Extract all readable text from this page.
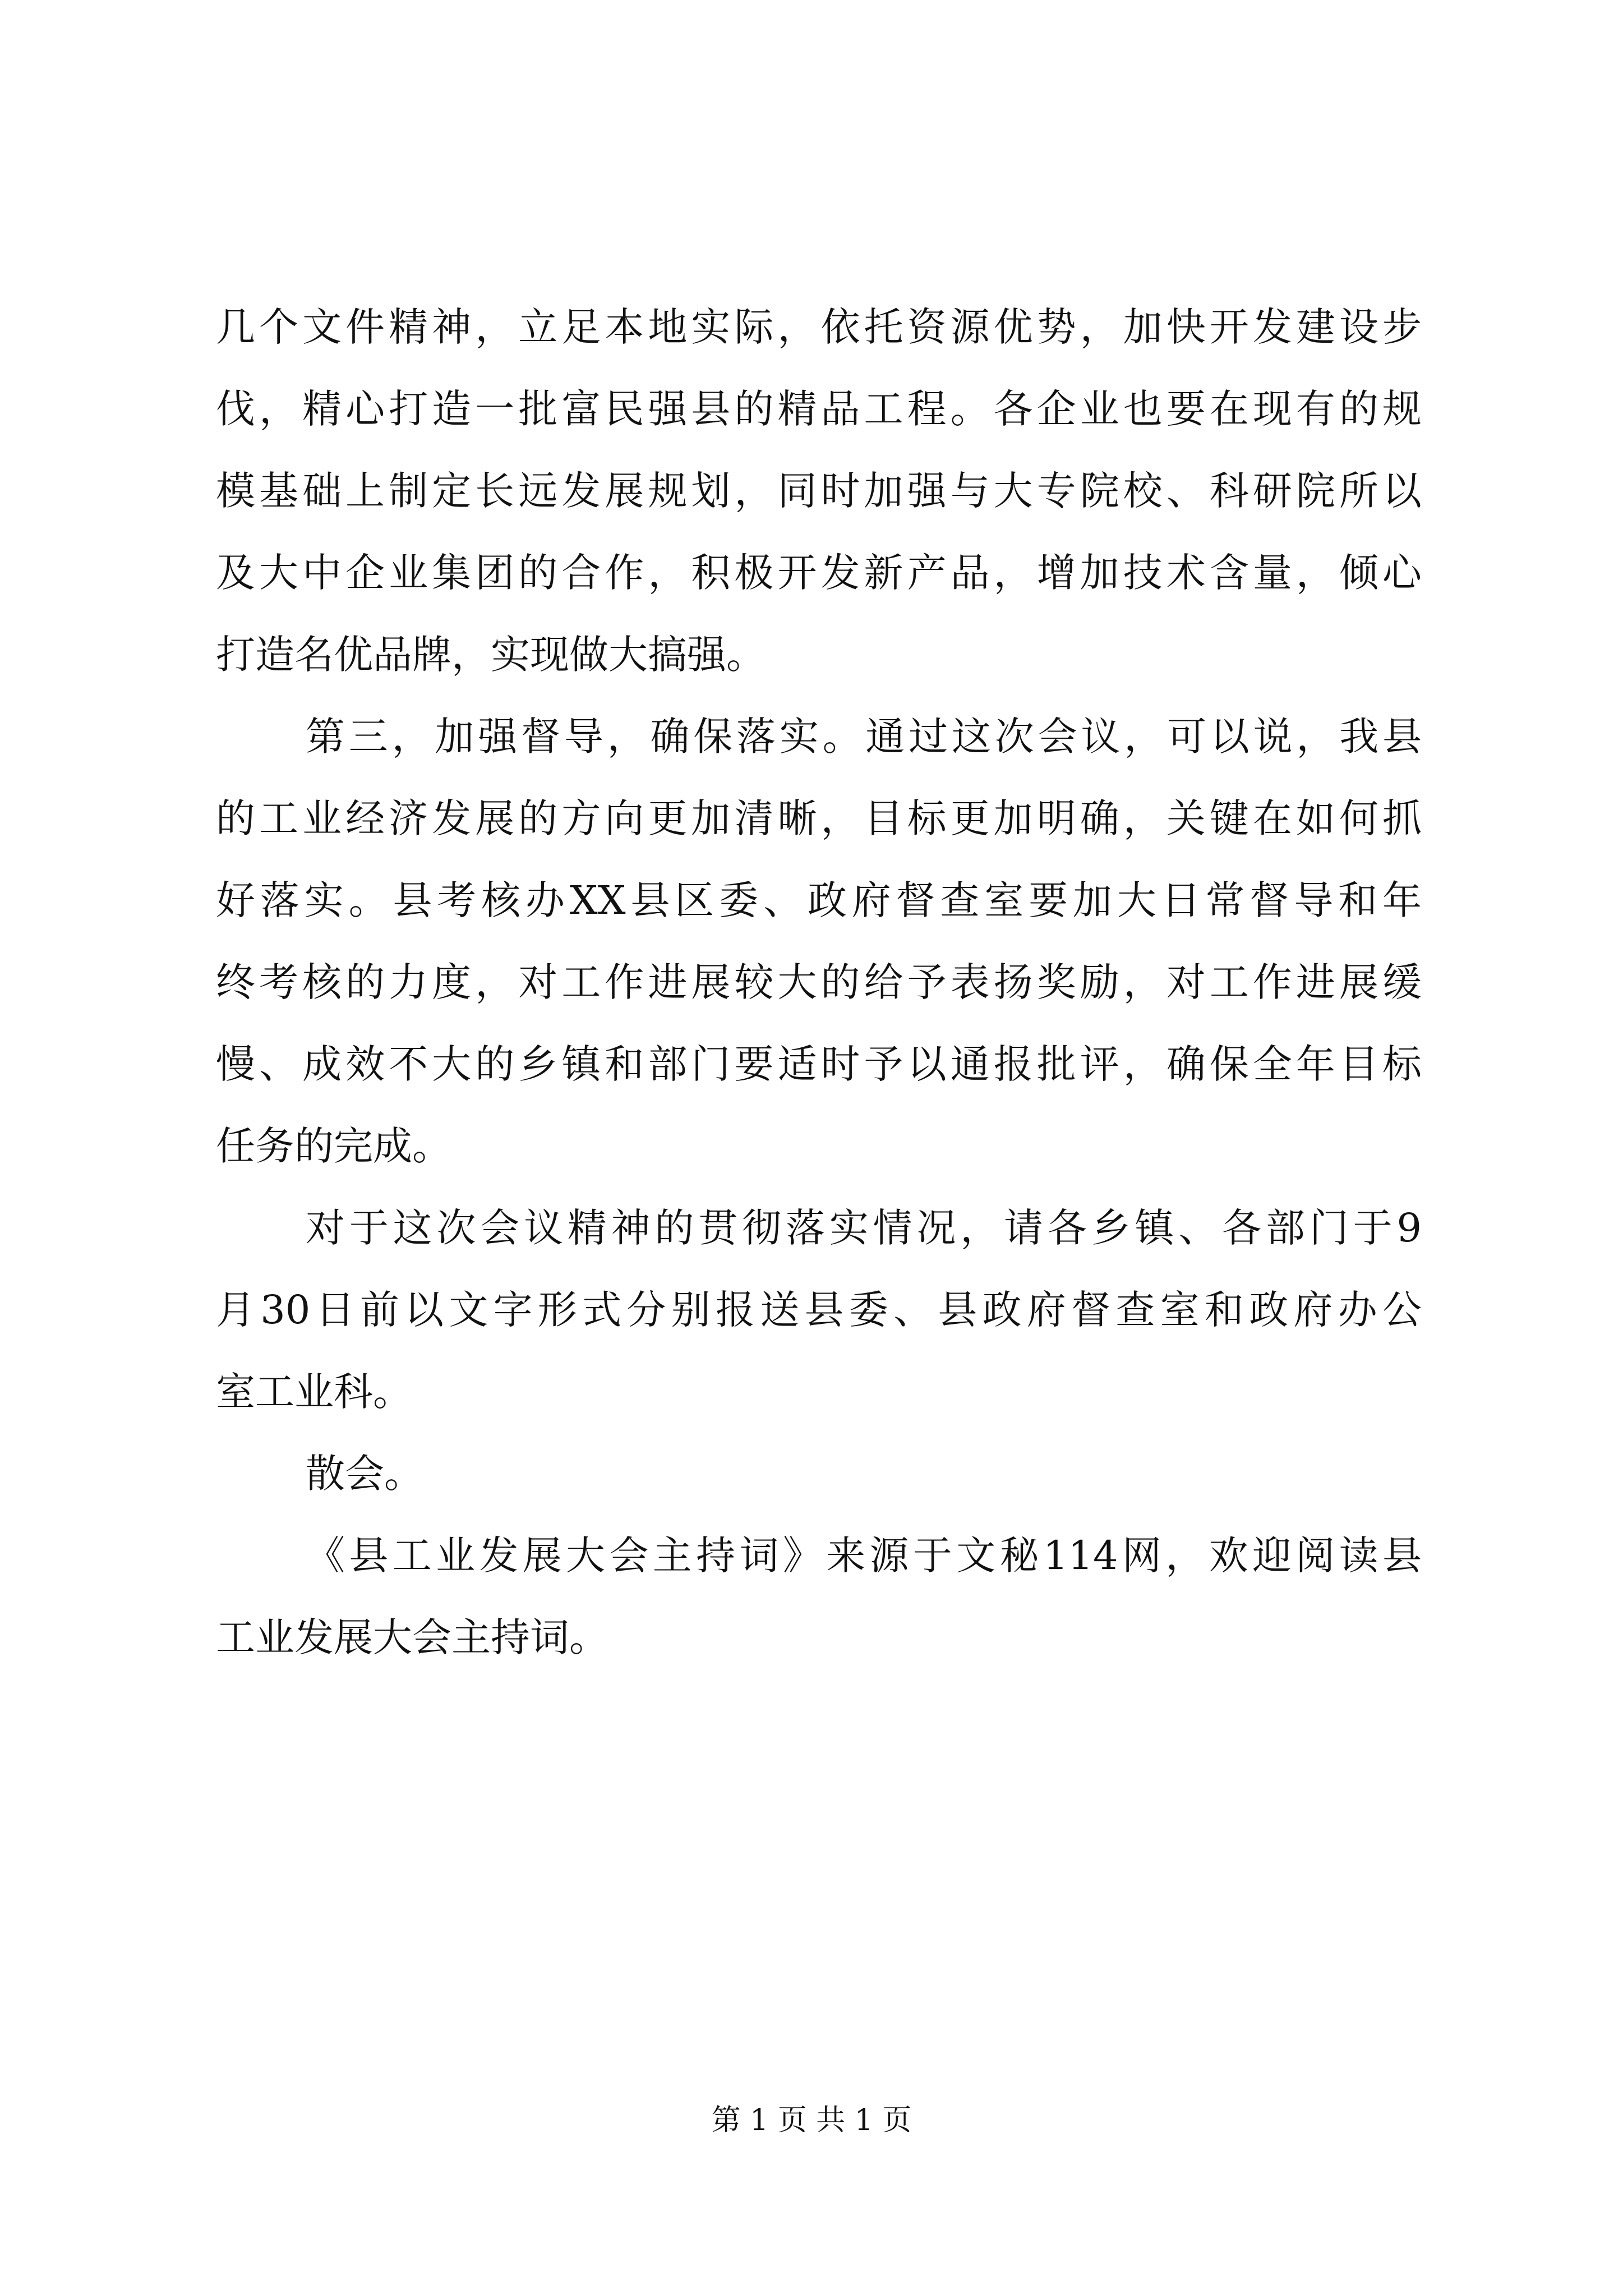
几个文件精神，立足本地实际，依托资源优势，加快开发建设步
伐，精心打造一批富民强县的精品工程。各企业也要在现有的规
模基础上制定长远发展规划，同时加强与大专院校、科研院所以
及大中企业集团的合作，积极开发新产品，增加技术含量，倾心
打造名优品牌，实现做大搞强。
第三，加强督导，确保落实。通过这次会议，可以说，我县
的工业经济发展的方向更加清晰，目标更加明确，关键在如何抓
好落实。县考核办XX县区委、政府督查室要加大日常督导和年
终考核的力度，对工作进展较大的给予表扬奖励，对工作进展缓
慢、成效不大的乡镇和部门要适时予以通报批评，确保全年目标
任务的完成。
对于这次会议精神的贯彻落实情况，请各乡镇、各部门于9
月30日前以文字形式分别报送县委、县政府督查室和政府办公
室工业科。
散会。
《县工业发展大会主持词》来源于文秘114网，欢迎阅读县
工业发展大会主持词。
第 1 页 共 1 页
